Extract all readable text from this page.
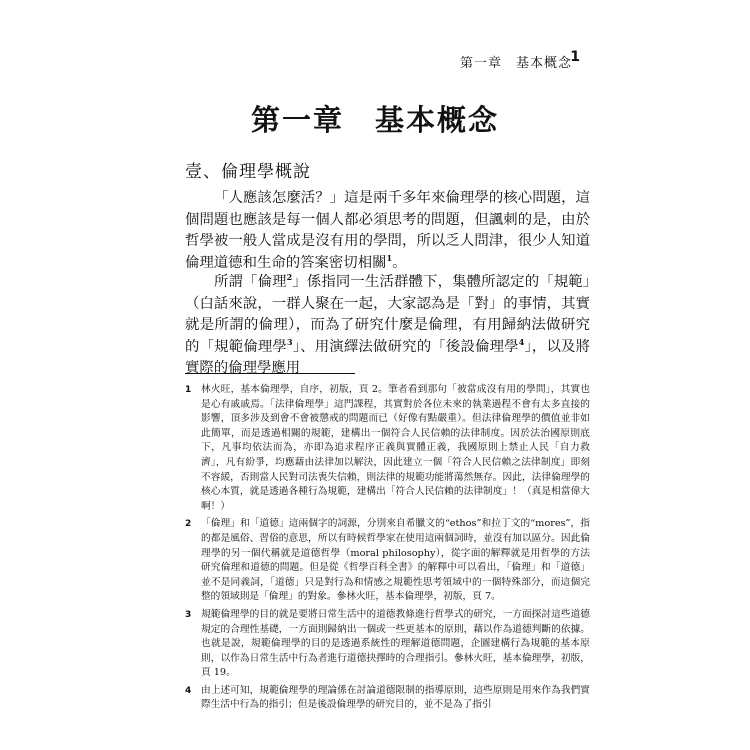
第一章　基本概念
1
第一章　基本概念
壹、倫理學概說

「人應該怎麼活？」這是兩千多年來倫理學的核心問題，這個問題也應該是每一個人都必須思考的問題，但諷刺的是，由於哲學被一般人當成是沒有用的學問，所以乏人問津，很少人知道倫理道德和生命的答案密切相關$^1$。

所謂「倫理$^2$」係指同一生活群體下，集體所認定的「規範」（白話來說，一群人聚在一起，大家認為是「對」的事情，其實就是所謂的倫理），而為了研究什麼是倫理，有用歸納法做研究的「規範倫理學$^3$」、用演繹法做研究的「後設倫理學$^4$」，以及將實際的倫理學應用

1 林火旺，基本倫理學，自序，初版，頁 2。筆者看到那句「被當成沒有用的學問」，其實也是心有戚戚焉。「法律倫理學」這門課程，其實對於各位未來的執業過程不會有太多直接的影響，頂多涉及到會不會被懲戒的問題而已（好像有點嚴重）。但法律倫理學的價值並非如此簡單，而是透過相關的規範，建構出一個符合人民信賴的法律制度。因於法治國原則底下，凡事均依法而為，亦即為追求程序正義與實體正義，我國原則上禁止人民「自力救濟」，凡有紛爭，均應藉由法律加以解決，因此建立一個「符合人民信賴之法律制度」即刻不容緩，否則當人民對司法喪失信賴，則法律的規範功能將蕩然無存。因此，法律倫理學的核心本質，就是透過各種行為規範，建構出「符合人民信賴的法律制度」！（真是相當偉大啊！）
2 「倫理」和「道德」這兩個字的詞源，分別來自希臘文的“ethos”和拉丁文的“mores”，指的都是風俗、習俗的意思，所以有時候哲學家在使用這兩個詞時，並沒有加以區分。因此倫理學的另一個代稱就是道德哲學（moral philosophy），從字面的解釋就是用哲學的方法研究倫理和道德的問題。但是從《哲學百科全書》的解釋中可以看出，「倫理」和「道德」並不是同義詞，「道德」只是對行為和情感之規範性思考領域中的一個特殊部分，而這個完整的領域則是「倫理」的對象。參林火旺，基本倫理學，初版，頁 7。
3 規範倫理學的目的就是要將日常生活中的道德教條進行哲學式的研究，一方面探討這些道德規定的合理性基礎，一方面則歸納出一個或一些更基本的原則，藉以作為道德判斷的依據。也就是說，規範倫理學的目的是透過系統性的理解道德問題，企圖建構行為規範的基本原則，以作為日常生活中行為者進行道德抉擇時的合理指引。參林火旺，基本倫理學，初版，頁 19。
4 由上述可知，規範倫理學的理論係在討論道德限制的指導原則，這些原則是用來作為我們實際生活中行為的指引；但是後設倫理學的研究目的，並不是為了指引
